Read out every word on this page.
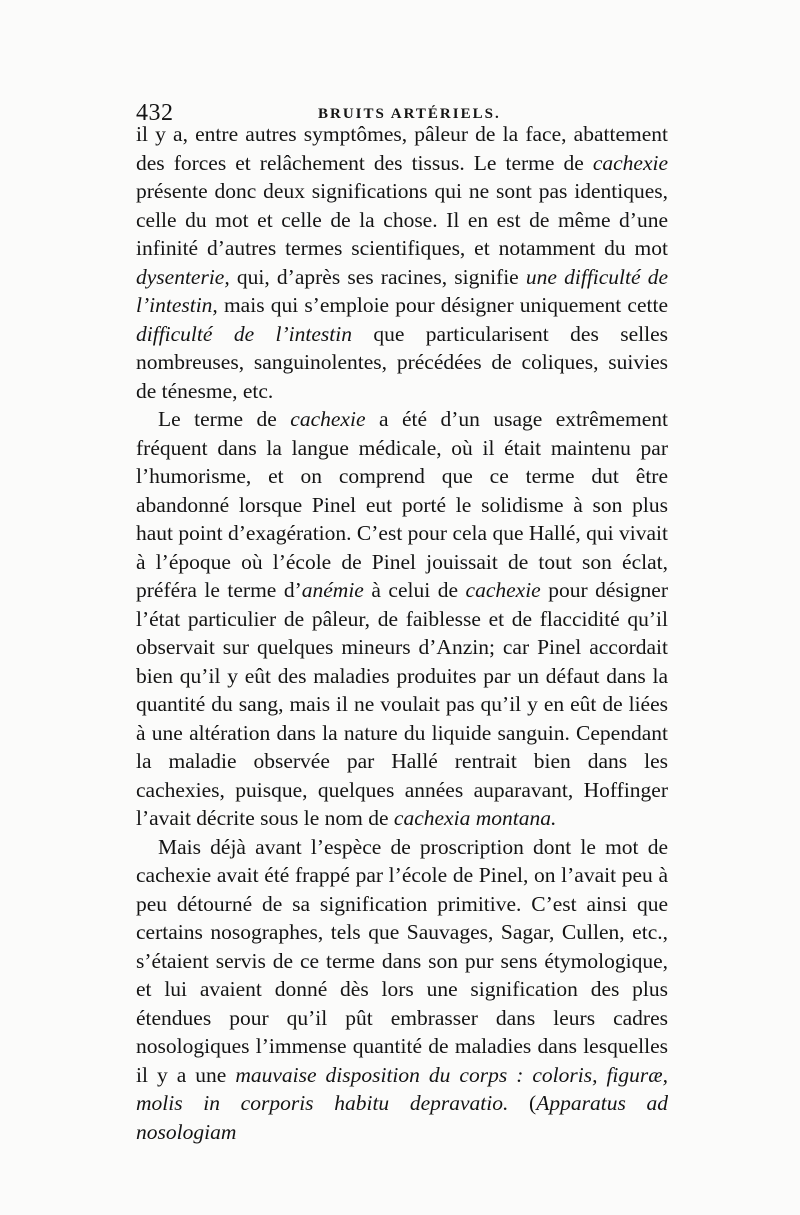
432	BRUITS ARTÉRIELS.

il y a, entre autres symptômes, pâleur de la face, abattement des forces et relâchement des tissus. Le terme de cachexie présente donc deux significations qui ne sont pas identiques, celle du mot et celle de la chose. Il en est de même d’une infinité d’autres termes scientifiques, et notamment du mot dysenterie, qui, d’après ses racines, signifie une difficulté de l’intestin, mais qui s’emploie pour désigner uniquement cette difficulté de l’intestin que particularisent des selles nombreuses, sanguinolentes, précédées de coliques, suivies de ténesme, etc.

Le terme de cachexie a été d’un usage extrêmement fréquent dans la langue médicale, où il était maintenu par l’humorisme, et on comprend que ce terme dut être abandonné lorsque Pinel eut porté le solidisme à son plus haut point d’exagération. C’est pour cela que Hallé, qui vivait à l’époque où l’école de Pinel jouissait de tout son éclat, préféra le terme d’anémie à celui de cachexie pour désigner l’état particulier de pâleur, de faiblesse et de flaccidité qu’il observait sur quelques mineurs d’Anzin; car Pinel accordait bien qu’il y eût des maladies produites par un défaut dans la quantité du sang, mais il ne voulait pas qu’il y en eût de liées à une altération dans la nature du liquide sanguin. Cependant la maladie observée par Hallé rentrait bien dans les cachexies, puisque, quelques années auparavant, Hoffinger l’avait décrite sous le nom de cachexia montana.

Mais déjà avant l’espèce de proscription dont le mot de cachexie avait été frappé par l’école de Pinel, on l’avait peu à peu détourné de sa signification primitive. C’est ainsi que certains nosographes, tels que Sauvages, Sagar, Cullen, etc., s’étaient servis de ce terme dans son pur sens étymologique, et lui avaient donné dès lors une signification des plus étendues pour qu’il pût embrasser dans leurs cadres nosologiques l’immense quantité de maladies dans lesquelles il y a une mauvaise disposition du corps : coloris, figuræ, molis in corporis habitu depravatio. (Apparatus ad nosologiam
